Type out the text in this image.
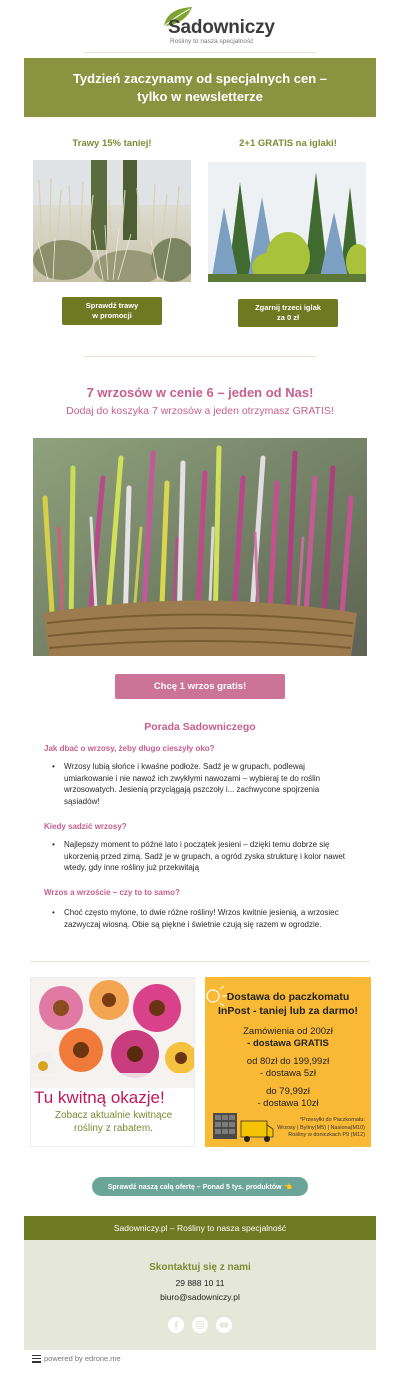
Sadowniczy
Rośliny to nasza specjalność
Tydzień zaczynamy od specjalnych cen –
tylko w newsletterze
Trawy 15% taniej!
Sprawdź trawy
w promocji
2+1 GRATIS na iglaki!
Zgarnij trzeci iglak
za 0 zł
7 wrzosów w cenie 6 – jeden od Nas!
Dodaj do koszyka 7 wrzosów a jeden otrzymasz GRATIS!
Chcę 1 wrzos gratis!
Porada Sadowniczego
Jak dbać o wrzosy, żeby długo cieszyły oko?
• Wrzosy lubią słońce i kwaśne podłoże. Sadź je w grupach, podlewaj
umiarkowanie i nie nawoź ich zwykłymi nawozami – wybieraj te do roślin
wrzosowatych. Jesienią przyciągają pszczoły i... zachwycone spojrzenia
sąsiadów!
Kiedy sadzić wrzosy?
• Najlepszy moment to późne lato i początek jesieni – dzięki temu dobrze się
ukorzenią przed zimą. Sadź je w grupach, a ogród zyska strukturę i kolor nawet
wtedy, gdy inne rośliny już przekwitają
Wrzos a wrzoście – czy to to samo?
• Choć często mylone, to dwie różne rośliny! Wrzos kwitnie jesienią, a wrzosiec
zazwyczaj wiosną. Obie są piękne i świetnie czują się razem w ogrodzie.
Tu kwitną okazje!
Zobacz aktualnie kwitnące
rośliny z rabatem.
Dostawa do paczkomatu
InPost - taniej lub za darmo!
Zamówienia od 200zł
- dostawa GRATIS
od 80zł do 199,99zł
- dostawa 5zł
do 79,99zł
- dostawa 10zł
*Przesyłki do Paczkomatu:
Wrzosy | Byliny(M5) | Nasiona(M10)
Rośliny w doniczkach P9 (M12)
Sprawdź naszą całą ofertę – Ponad 5 tys. produktów 👈
Sadowniczy.pl – Rośliny to nasza specjalność
Skontaktuj się z nami
29 888 10 11
biuro@sadowniczy.pl
powered by edrone.me
